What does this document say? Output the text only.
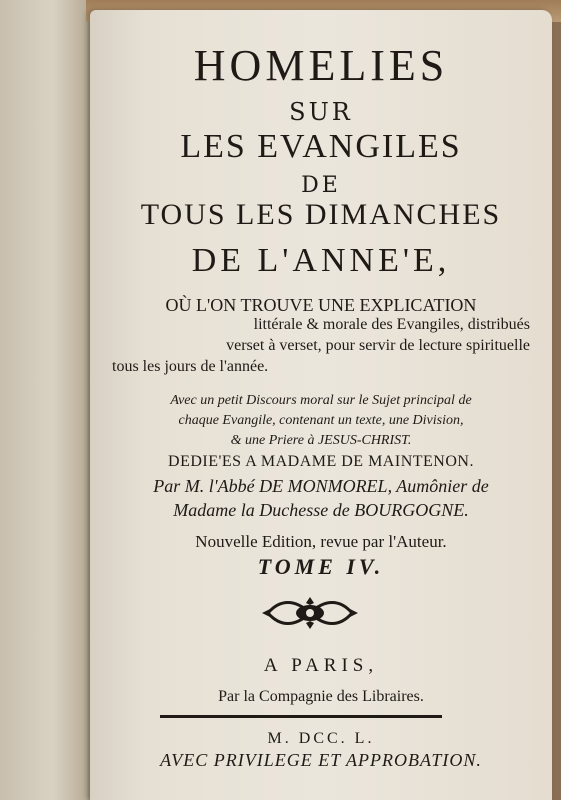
HOMELIES
SUR
LES EVANGILES
DE
TOUS LES DIMANCHES
DE L'ANNE'E,
OÙ L'ON TROUVE UNE EXPLICATION
littérale & morale des Evangiles, distribués
verset à verset, pour servir de lecture spirituelle
tous les jours de l'année.
Avec un petit Discours moral sur le Sujet principal de
chaque Evangile, contenant un texte, une Division,
& une Priere à JESUS-CHRIST.
DEDIE'ES A MADAME DE MAINTENON.
Par M. l'Abbé DE MONMOREL, Aumônier de
Madame la Duchesse de BOURGOGNE.
Nouvelle Edition, revue par l'Auteur.
TOME IV.
A PARIS,
Par la Compagnie des Libraires.
M. DCC. L.
AVEC PRIVILEGE ET APPROBATION.
